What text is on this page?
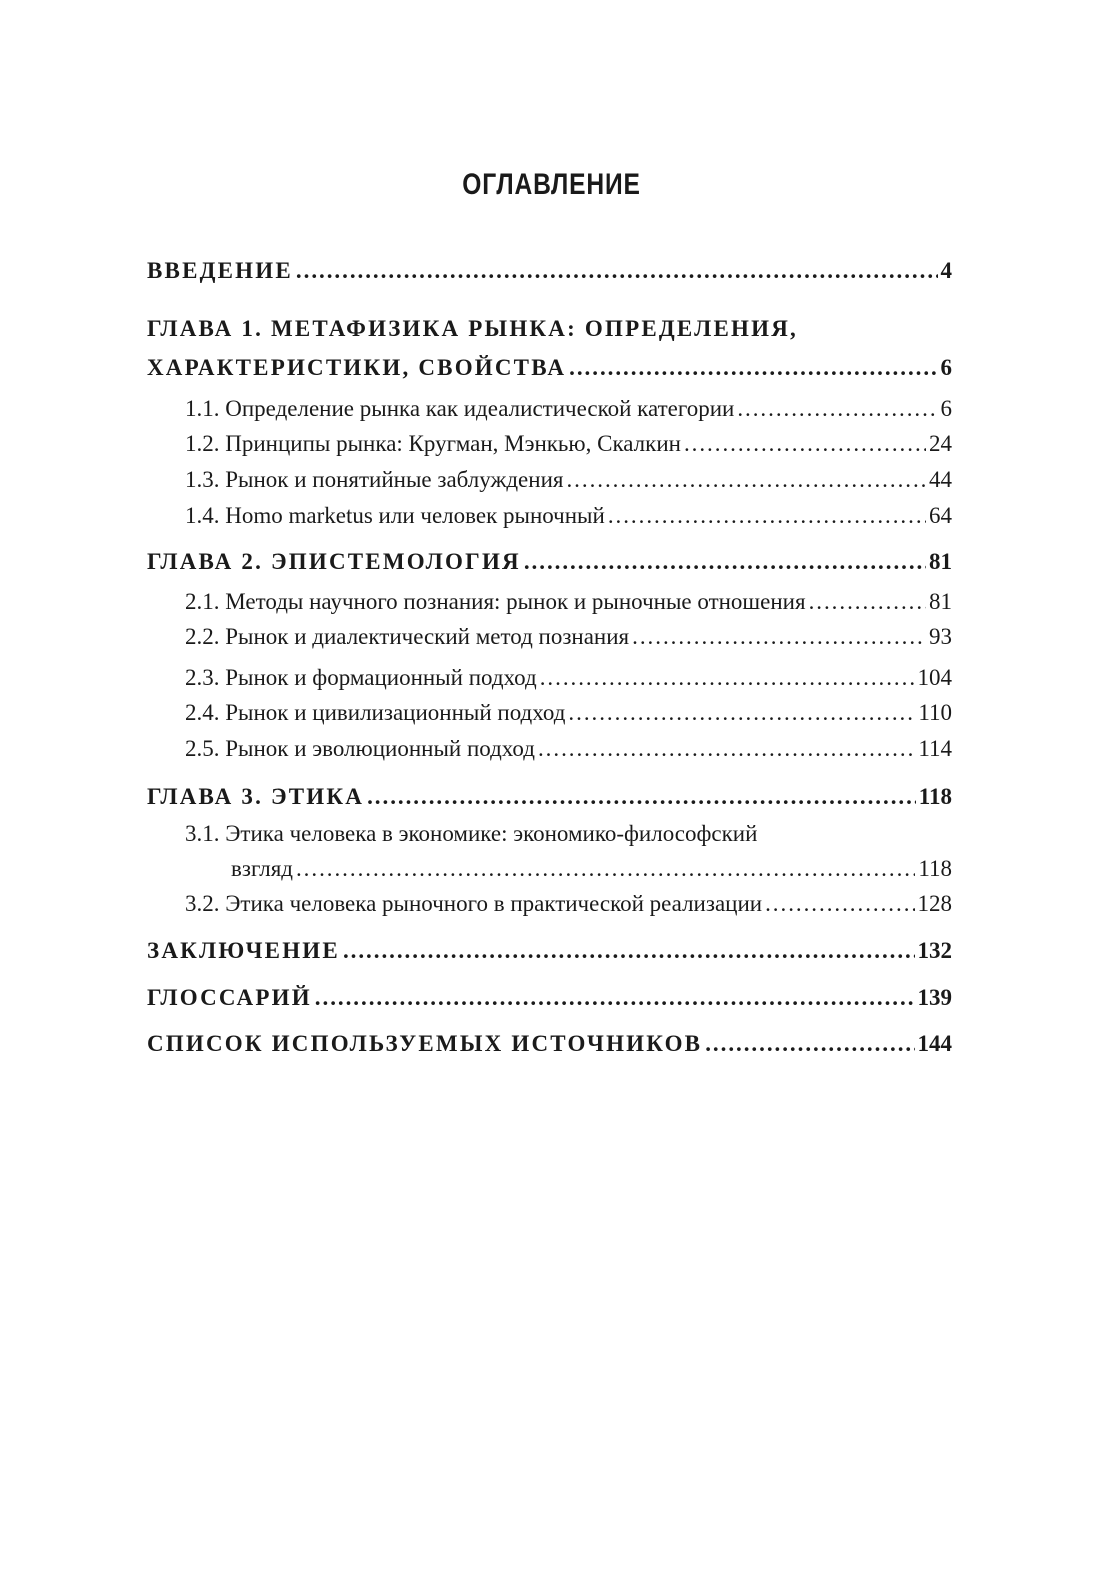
ОГЛАВЛЕНИЕ
ВВЕДЕНИЕ . . .	4
ГЛАВА 1. МЕТАФИЗИКА РЫНКА: ОПРЕДЕЛЕНИЯ,
ХАРАКТЕРИСТИКИ, СВОЙСТВА . . .	6
1.1. Определение рынка как идеалистической категории . . .	6
1.2. Принципы рынка: Кругман, Мэнкью, Скалкин . . .	24
1.3. Рынок и понятийные заблуждения . . .	44
1.4. Homo marketus или человек рыночный . . .	64
ГЛАВА 2. ЭПИСТЕМОЛОГИЯ . . .	81
2.1. Методы научного познания: рынок и рыночные отношения . . .	81
2.2. Рынок и диалектический метод познания . . .	93
2.3. Рынок и формационный подход . . .	104
2.4. Рынок и цивилизационный подход . . .	110
2.5. Рынок и эволюционный подход . . .	114
ГЛАВА 3. ЭТИКА . . .	118
3.1. Этика человека в экономике: экономико-философский
взгляд . . .	118
3.2. Этика человека рыночного в практической реализации . . .	128
ЗАКЛЮЧЕНИЕ . . .	132
ГЛОССАРИЙ . . .	139
СПИСОК ИСПОЛЬЗУЕМЫХ ИСТОЧНИКОВ . . .	144
